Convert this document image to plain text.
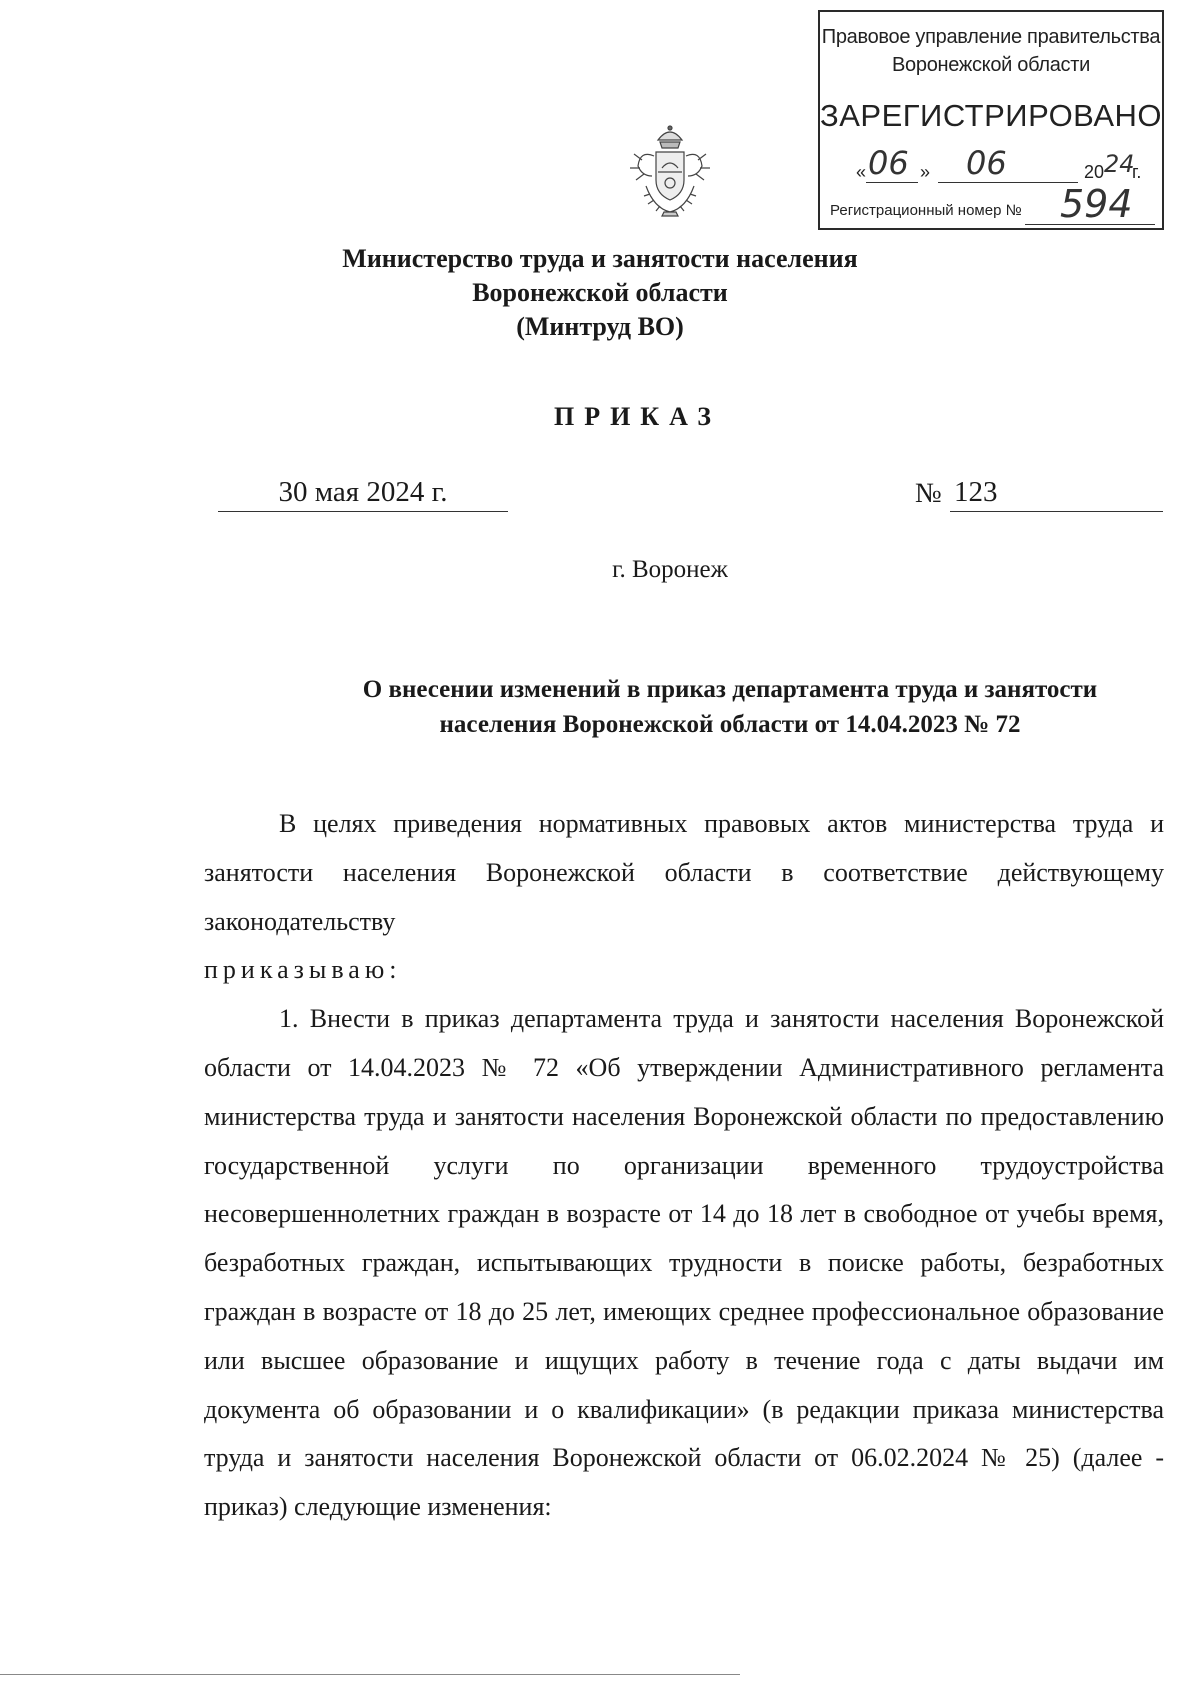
Правовое управление правительства
Воронежской области
ЗАРЕГИСТРИРОВАНО
« 06 » 06	20 24
г.
Регистрационный номер № 594
Министерство труда и занятости населения
Воронежской области
(Минтруд ВО)
ПРИКАЗ
30 мая 2024 г.	№ 123
г. Воронеж
О внесении изменений в приказ департамента труда и занятости
населения Воронежской области от 14.04.2023 № 72

В целях приведения нормативных правовых актов министерства труда и занятости населения Воронежской области в соответствие действующему законодательству

приказываю:

1. Внести в приказ департамента труда и занятости населения Воронежской области от 14.04.2023 № 72 «Об утверждении Административного регламента министерства труда и занятости населения Воронежской области по предоставлению государственной услуги по организации временного трудоустройства несовершеннолетних граждан в возрасте от 14 до 18 лет в свободное от учебы время, безработных граждан, испытывающих трудности в поиске работы, безработных граждан в возрасте от 18 до 25 лет, имеющих среднее профессиональное образование или высшее образование и ищущих работу в течение года с даты выдачи им документа об образовании и о квалификации» (в редакции приказа министерства труда и занятости населения Воронежской области от 06.02.2024 № 25) (далее - приказ) следующие изменения:
